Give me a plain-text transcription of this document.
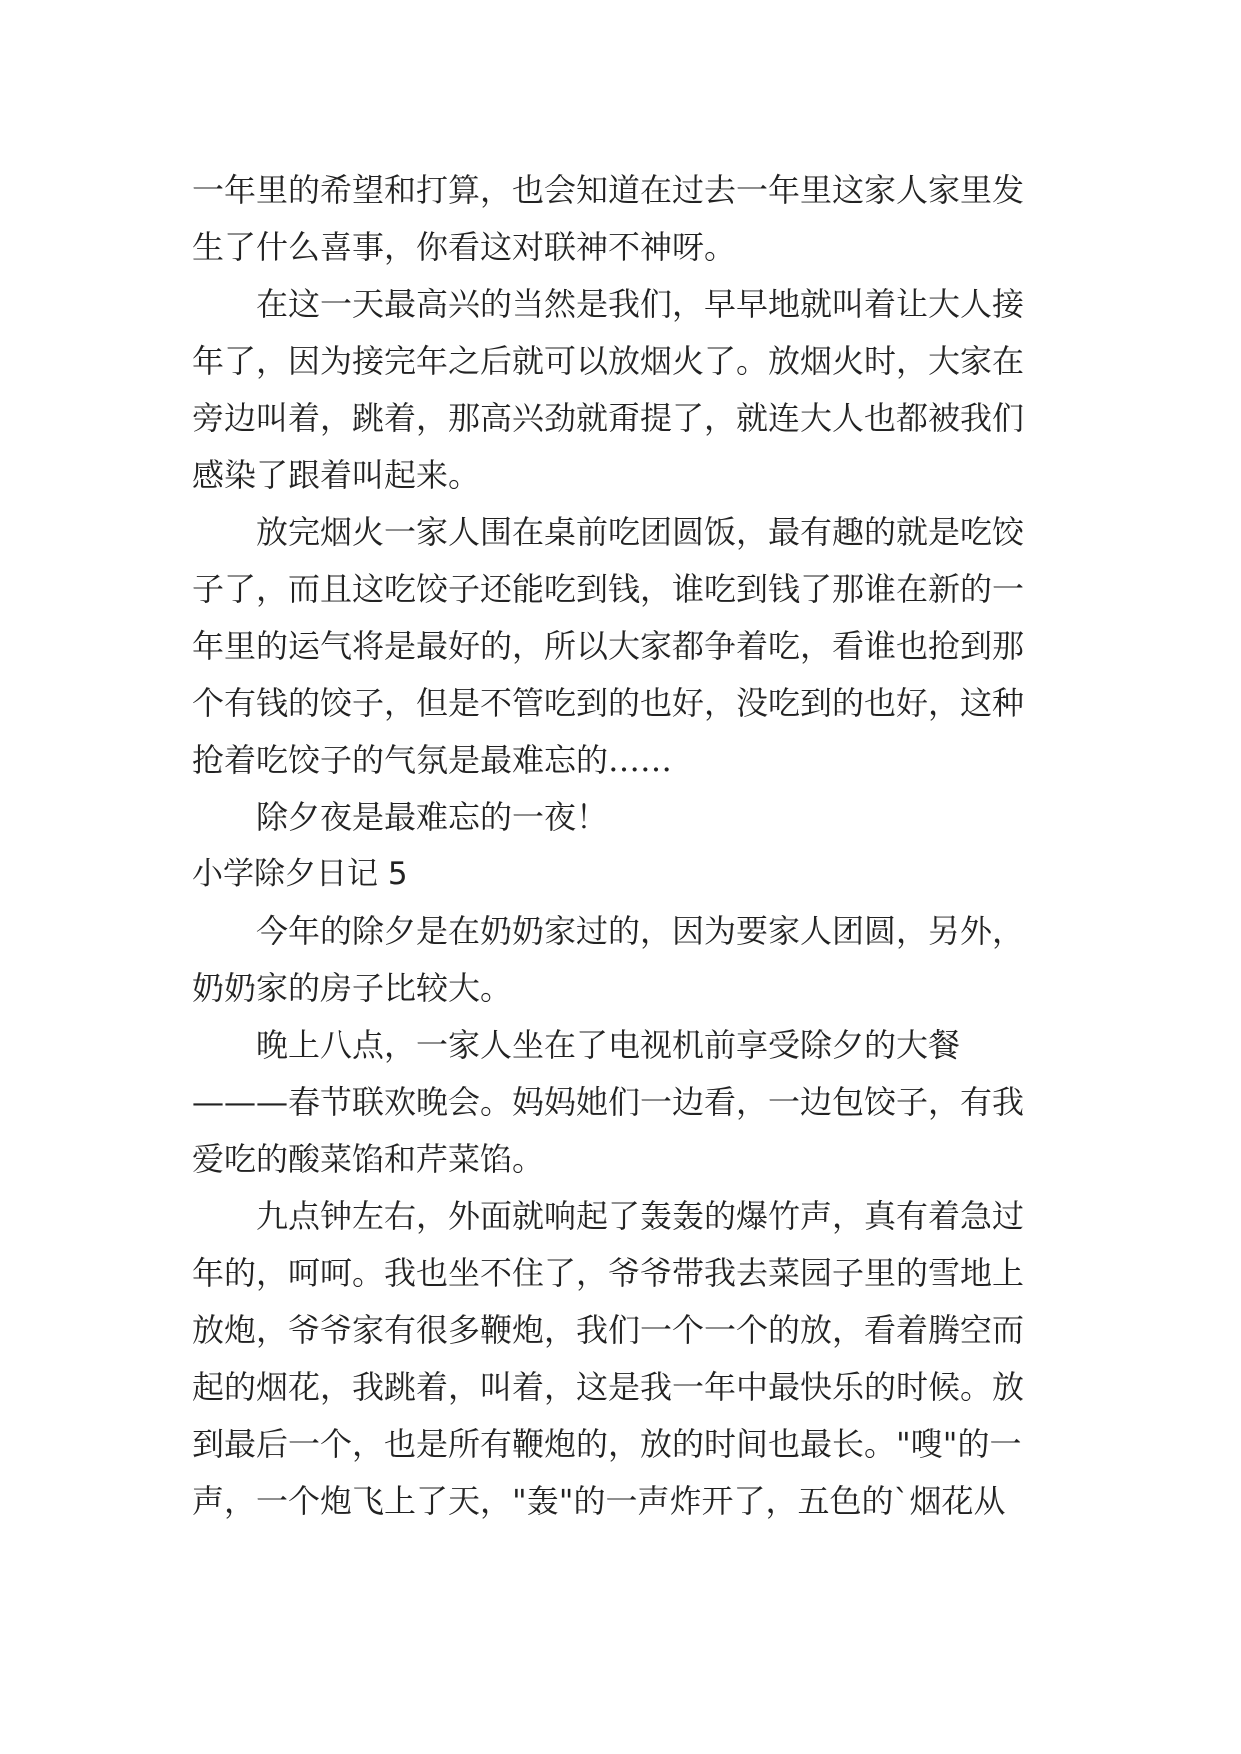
一年里的希望和打算，也会知道在过去一年里这家人家里发
生了什么喜事，你看这对联神不神呀。
在这一天最高兴的当然是我们，早早地就叫着让大人接
年了，因为接完年之后就可以放烟火了。放烟火时，大家在
旁边叫着，跳着，那高兴劲就甭提了，就连大人也都被我们
感染了跟着叫起来。
放完烟火一家人围在桌前吃团圆饭，最有趣的就是吃饺
子了，而且这吃饺子还能吃到钱，谁吃到钱了那谁在新的一
年里的运气将是最好的，所以大家都争着吃，看谁也抢到那
个有钱的饺子，但是不管吃到的也好，没吃到的也好，这种
抢着吃饺子的气氛是最难忘的……
除夕夜是最难忘的一夜！
小学除夕日记 5
今年的除夕是在奶奶家过的，因为要家人团圆，另外，
奶奶家的房子比较大。
晚上八点，一家人坐在了电视机前享受除夕的大餐
———春节联欢晚会。妈妈她们一边看，一边包饺子，有我
爱吃的酸菜馅和芹菜馅。
九点钟左右，外面就响起了轰轰的爆竹声，真有着急过
年的，呵呵。我也坐不住了，爷爷带我去菜园子里的雪地上
放炮，爷爷家有很多鞭炮，我们一个一个的放，看着腾空而
起的烟花，我跳着，叫着，这是我一年中最快乐的时候。放
到最后一个，也是所有鞭炮的，放的时间也最长。"嗖"的一
声，一个炮飞上了天，"轰"的一声炸开了，五色的`烟花从
